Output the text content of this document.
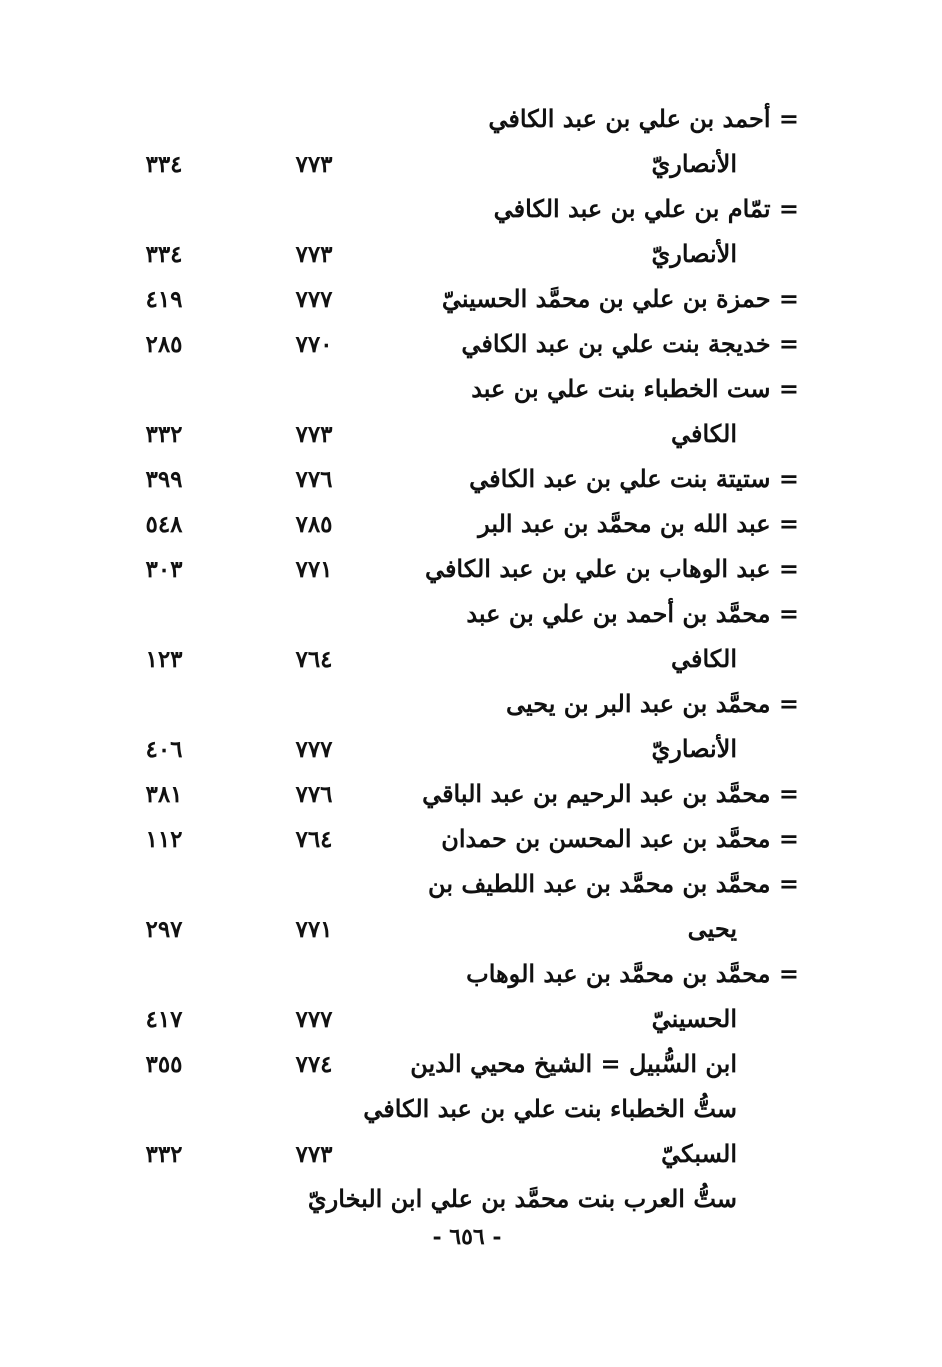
= أحمد بن علي بن عبد الكافي
الأنصاريّ
٧٧٣
٣٣٤
= تمّام بن علي بن عبد الكافي
الأنصاريّ
٧٧٣
٣٣٤
= حمزة بن علي بن محمَّد الحسينيّ
٧٧٧
٤١٩
= خديجة بنت علي بن عبد الكافي
٧٧٠
٢٨٥
= ست الخطباء بنت علي بن عبد
الكافي
٧٧٣
٣٣٢
= ستيتة بنت علي بن عبد الكافي
٧٧٦
٣٩٩
= عبد الله بن محمَّد بن عبد البر
٧٨٥
٥٤٨
= عبد الوهاب بن علي بن عبد الكافي
٧٧١
٣٠٣
= محمَّد بن أحمد بن علي بن عبد
الكافي
٧٦٤
١٢٣
= محمَّد بن عبد البر بن يحيى
الأنصاريّ
٧٧٧
٤٠٦
= محمَّد بن عبد الرحيم بن عبد الباقي
٧٧٦
٣٨١
= محمَّد بن عبد المحسن بن حمدان
٧٦٤
١١٢
= محمَّد بن محمَّد بن عبد اللطيف بن
يحيى
٧٧١
٢٩٧
= محمَّد بن محمَّد بن عبد الوهاب
الحسينيّ
٧٧٧
٤١٧
ابن السُّبيل = الشيخ محيي الدين
٧٧٤
٣٥٥
ستُّ الخطباء بنت علي بن عبد الكافي
السبكيّ
٧٧٣
٣٣٢
ستُّ العرب بنت محمَّد بن علي ابن البخاريّ
- ٦٥٦ -
